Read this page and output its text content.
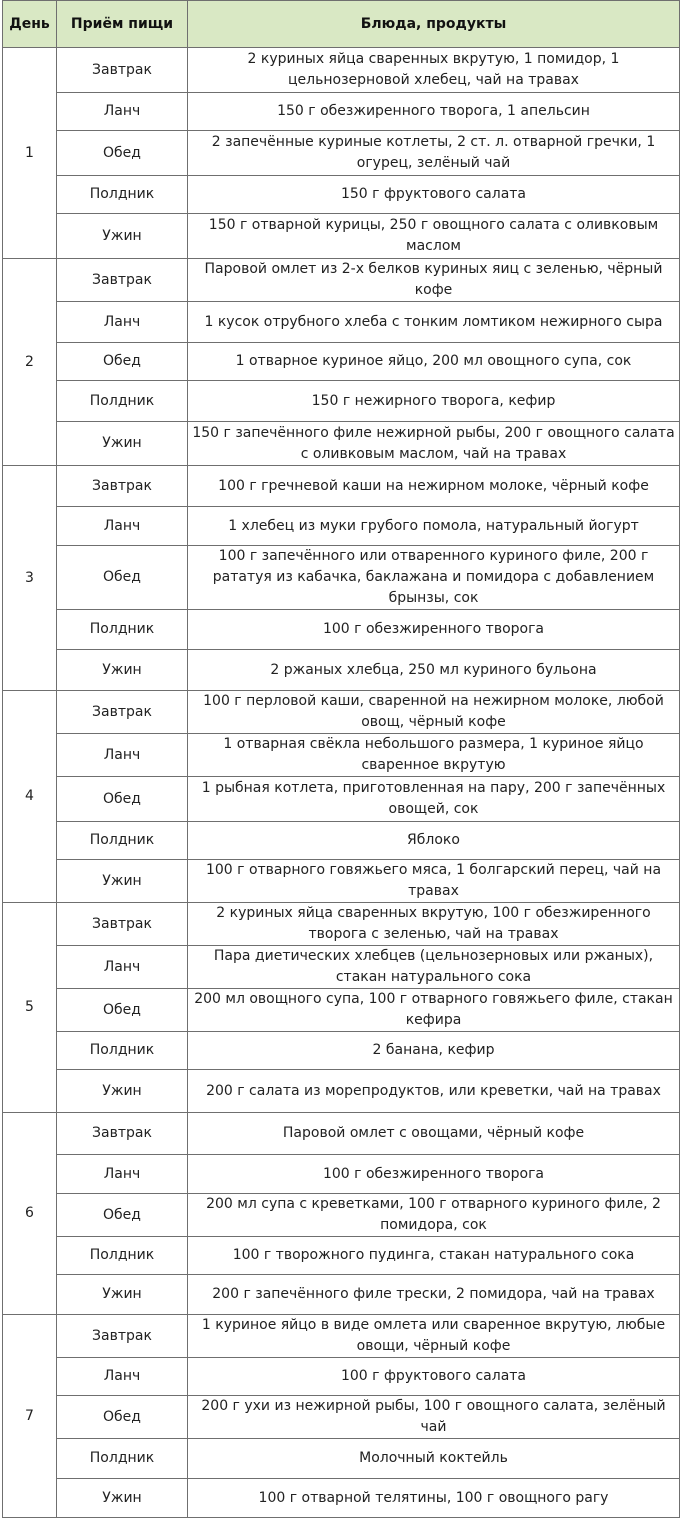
День	Приём пищи	Блюда, продукты
1	Завтрак	2 куриных яйца сваренных вкрутую, 1 помидор, 1 цельнозерновой хлебец, чай на травах
	Ланч	150 г обезжиренного творога, 1 апельсин
	Обед	2 запечённые куриные котлеты, 2 ст. л. отварной гречки, 1 огурец, зелёный чай
	Полдник	150 г фруктового салата
	Ужин	150 г отварной курицы, 250 г овощного салата с оливковым маслом
2	Завтрак	Паровой омлет из 2-х белков куриных яиц с зеленью, чёрный кофе
	Ланч	1 кусок отрубного хлеба с тонким ломтиком нежирного сыра
	Обед	1 отварное куриное яйцо, 200 мл овощного супа, сок
	Полдник	150 г нежирного творога, кефир
	Ужин	150 г запечённого филе нежирной рыбы, 200 г овощного салата с оливковым маслом, чай на травах
3	Завтрак	100 г гречневой каши на нежирном молоке, чёрный кофе
	Ланч	1 хлебец из муки грубого помола, натуральный йогурт
	Обед	100 г запечённого или отваренного куриного филе, 200 г рататуя из кабачка, баклажана и помидора с добавлением брынзы, сок
	Полдник	100 г обезжиренного творога
	Ужин	2 ржаных хлебца, 250 мл куриного бульона
4	Завтрак	100 г перловой каши, сваренной на нежирном молоке, любой овощ, чёрный кофе
	Ланч	1 отварная свёкла небольшого размера, 1 куриное яйцо сваренное вкрутую
	Обед	1 рыбная котлета, приготовленная на пару, 200 г запечённых овощей, сок
	Полдник	Яблоко
	Ужин	100 г отварного говяжьего мяса, 1 болгарский перец, чай на травах
5	Завтрак	2 куриных яйца сваренных вкрутую, 100 г обезжиренного творога с зеленью, чай на травах
	Ланч	Пара диетических хлебцев (цельнозерновых или ржаных), стакан натурального сока
	Обед	200 мл овощного супа, 100 г отварного говяжьего филе, стакан кефира
	Полдник	2 банана, кефир
	Ужин	200 г салата из морепродуктов, или креветки, чай на травах
6	Завтрак	Паровой омлет с овощами, чёрный кофе
	Ланч	100 г обезжиренного творога
	Обед	200 мл супа с креветками, 100 г отварного куриного филе, 2 помидора, сок
	Полдник	100 г творожного пудинга, стакан натурального сока
	Ужин	200 г запечённого филе трески, 2 помидора, чай на травах
7	Завтрак	1 куриное яйцо в виде омлета или сваренное вкрутую, любые овощи, чёрный кофе
	Ланч	100 г фруктового салата
	Обед	200 г ухи из нежирной рыбы, 100 г овощного салата, зелёный чай
	Полдник	Молочный коктейль
	Ужин	100 г отварной телятины, 100 г овощного рагу
